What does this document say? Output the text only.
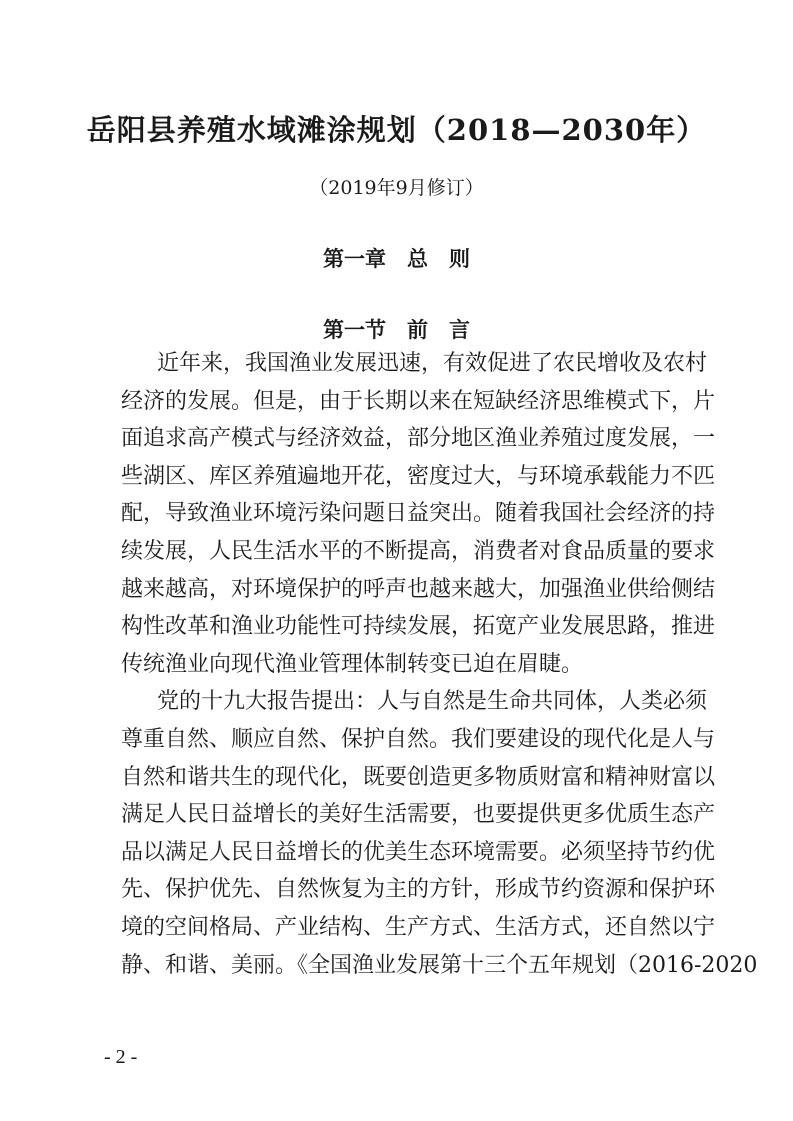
岳阳县养殖水域滩涂规划（2018—2030年）
（2019年9月修订）
第一章　总　则
第一节　前　言
近年来，我国渔业发展迅速，有效促进了农民增收及农村
经济的发展。但是，由于长期以来在短缺经济思维模式下，片
面追求高产模式与经济效益，部分地区渔业养殖过度发展，一
些湖区、库区养殖遍地开花，密度过大，与环境承载能力不匹
配，导致渔业环境污染问题日益突出。随着我国社会经济的持
续发展，人民生活水平的不断提高，消费者对食品质量的要求
越来越高，对环境保护的呼声也越来越大，加强渔业供给侧结
构性改革和渔业功能性可持续发展，拓宽产业发展思路，推进
传统渔业向现代渔业管理体制转变已迫在眉睫。
党的十九大报告提出：人与自然是生命共同体，人类必须
尊重自然、顺应自然、保护自然。我们要建设的现代化是人与
自然和谐共生的现代化，既要创造更多物质财富和精神财富以
满足人民日益增长的美好生活需要，也要提供更多优质生态产
品以满足人民日益增长的优美生态环境需要。必须坚持节约优
先、保护优先、自然恢复为主的方针，形成节约资源和保护环
境的空间格局、产业结构、生产方式、生活方式，还自然以宁
静、和谐、美丽。《全国渔业发展第十三个五年规划（2016-2020
- 2 -
